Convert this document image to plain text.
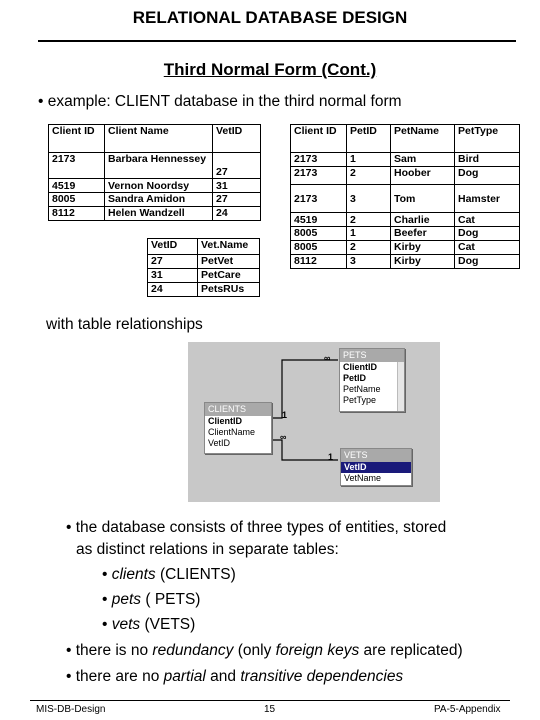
RELATIONAL DATABASE DESIGN
Third Normal Form (Cont.)
• example: CLIENT database in the third normal form
Client ID	Client Name	VetID
2173	Barbara Hennessey	27
4519	Vernon Noordsy	31
8005	Sandra Amidon	27
8112	Helen Wandzell	24
VetID	Vet.Name
27	PetVet
31	PetCare
24	PetsRUs
Client ID	PetID	PetName	PetType
2173	1	Sam	Bird
2173	2	Hoober	Dog
2173	3	Tom	Hamster
4519	2	Charlie	Cat
8005	1	Beefer	Dog
8005	2	Kirby	Cat
8112	3	Kirby	Dog
with table relationships
∞
1
∞
1
PETS
ClientID
PetID
PetName
PetType
CLIENTS
ClientID
ClientName
VetID
VETS
VetID
VetName
• the database consists of three types of entities, stored
as distinct relations in separate tables:
• clients (CLIENTS)
• pets ( PETS)
• vets (VETS)
• there is no redundancy (only foreign keys are replicated)
• there are no partial and transitive dependencies
MIS-DB-Design	15	PA-5-Appendix
